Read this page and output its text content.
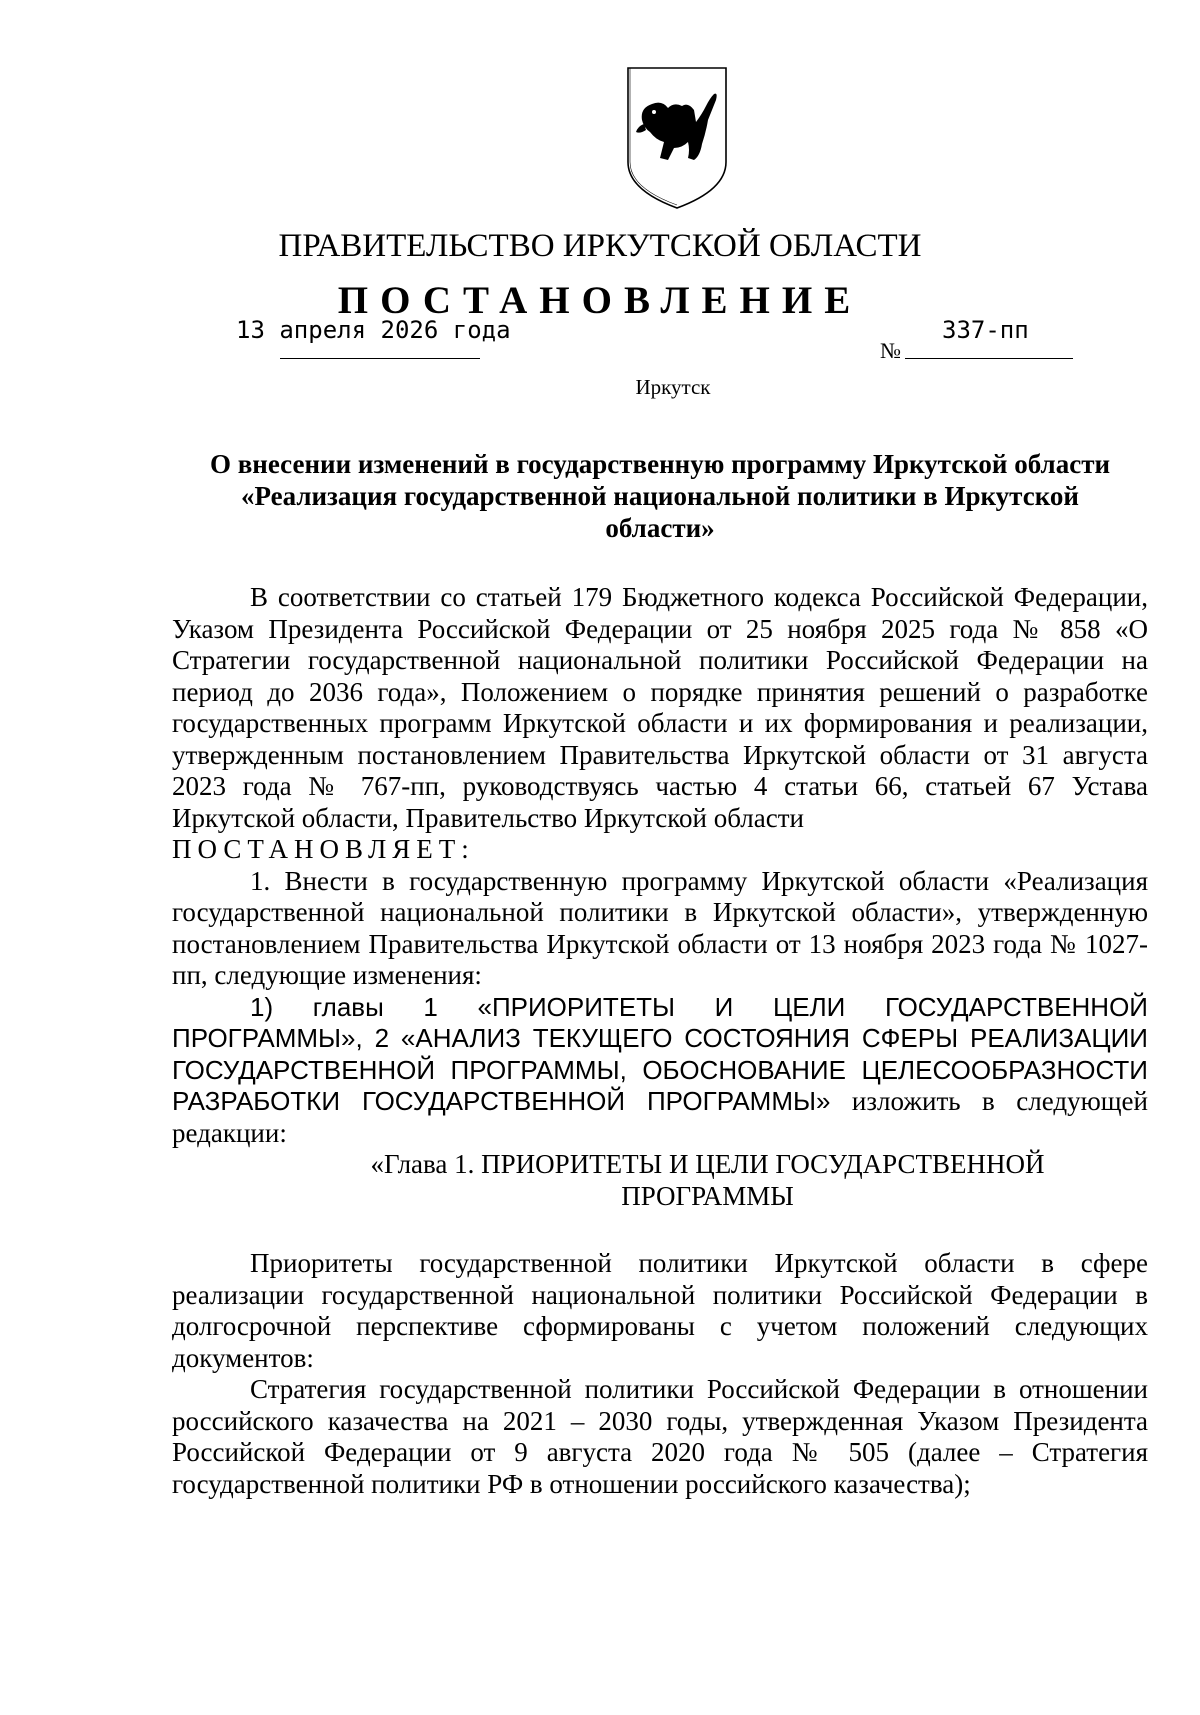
ПРАВИТЕЛЬСТВО ИРКУТСКОЙ ОБЛАСТИ
ПОСТАНОВЛЕНИЕ
13 апреля 2026 года
№
337-пп
Иркутск
О внесении изменений в государственную программу Иркутской области
«Реализация государственной национальной политики в Иркутской
области»

В соответствии со статьей 179 Бюджетного кодекса Российской Федерации, Указом Президента Российской Федерации от 25 ноября 2025 года № 858 «О Стратегии государственной национальной политики Российской Федерации на период до 2036 года», Положением о порядке принятия решений о разработке государственных программ Иркутской области и их формирования и реализации, утвержденным постановлением Правительства Иркутской области от 31 августа 2023 года № 767-пп, руководствуясь частью 4 статьи 66, статьей 67 Устава Иркутской области, Правительство Иркутской области

ПОСТАНОВЛЯЕТ:

1. Внести в государственную программу Иркутской области «Реализация государственной национальной политики в Иркутской области», утвержденную постановлением Правительства Иркутской области от 13 ноября 2023 года № 1027-пп, следующие изменения:

1) главы 1 «ПРИОРИТЕТЫ И ЦЕЛИ ГОСУДАРСТВЕННОЙ ПРОГРАММЫ», 2 «АНАЛИЗ ТЕКУЩЕГО СОСТОЯНИЯ СФЕРЫ РЕАЛИЗАЦИИ ГОСУДАРСТВЕННОЙ ПРОГРАММЫ, ОБОСНОВАНИЕ ЦЕЛЕСООБРАЗНОСТИ РАЗРАБОТКИ ГОСУДАРСТВЕННОЙ ПРОГРАММЫ» изложить в следующей редакции:

«Глава 1. ПРИОРИТЕТЫ И ЦЕЛИ ГОСУДАРСТВЕННОЙ
ПРОГРАММЫ

Приоритеты государственной политики Иркутской области в сфере реализации государственной национальной политики Российской Федерации в долгосрочной перспективе сформированы с учетом положений следующих документов:

Стратегия государственной политики Российской Федерации в отношении российского казачества на 2021 – 2030 годы, утвержденная Указом Президента Российской Федерации от 9 августа 2020 года № 505 (далее – Стратегия государственной политики РФ в отношении российского казачества);
